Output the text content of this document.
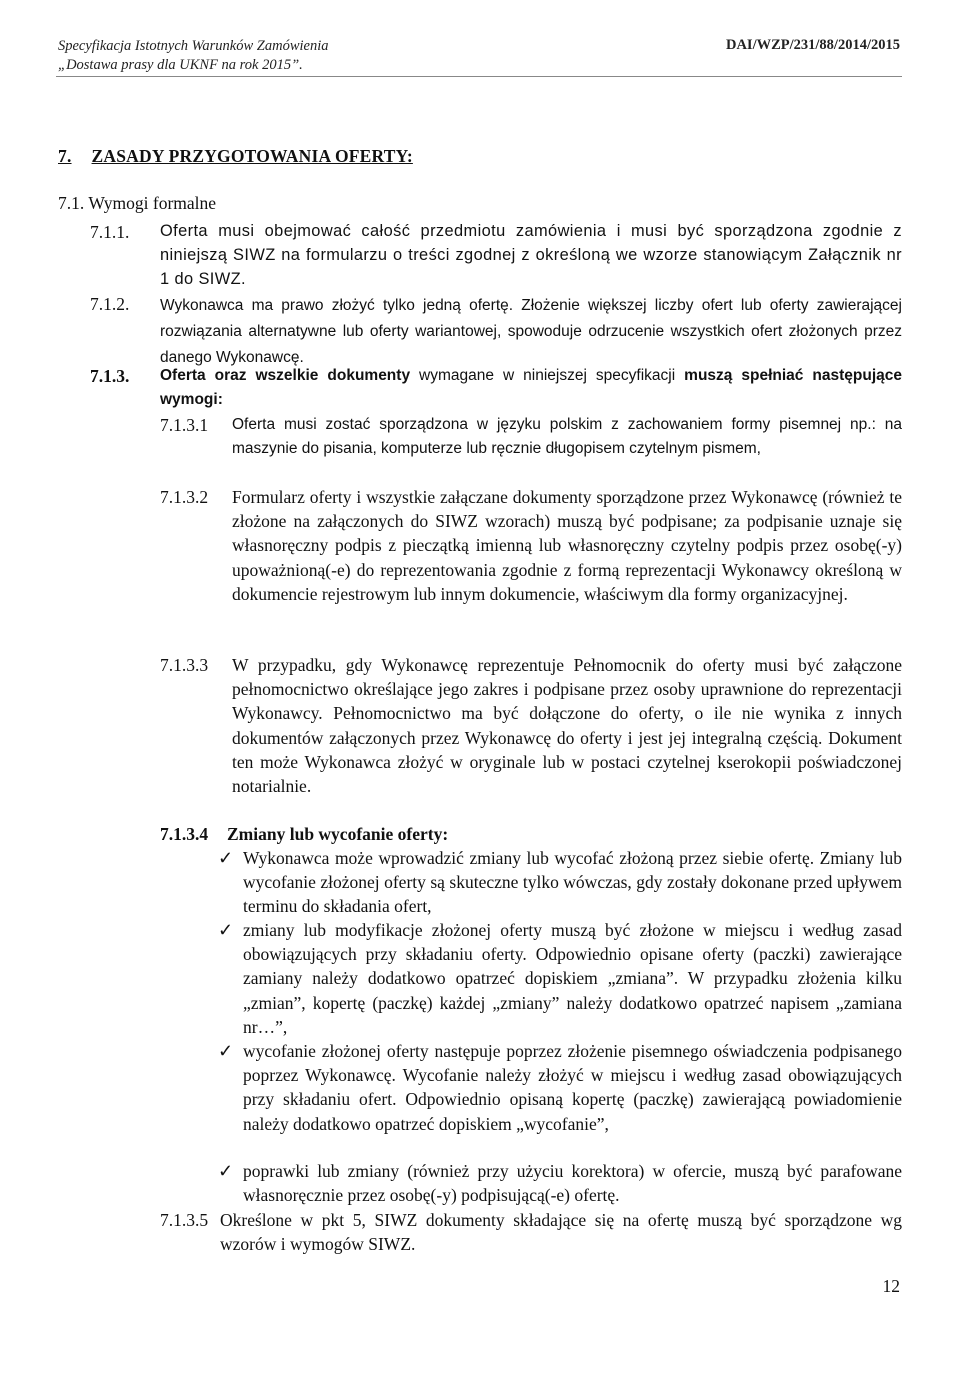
Specyfikacja Istotnych Warunków Zamówienia
„Dostawa prasy dla UKNF na rok 2015”.
DAI/WZP/231/88/2014/2015
7. ZASADY PRZYGOTOWANIA OFERTY:
7.1. Wymogi formalne
7.1.1. Oferta musi obejmować całość przedmiotu zamówienia i musi być sporządzona zgodnie z niniejszą SIWZ na formularzu o treści zgodnej z określoną we wzorze stanowiącym Załącznik nr 1 do SIWZ.
7.1.2. Wykonawca ma prawo złożyć tylko jedną ofertę. Złożenie większej liczby ofert lub oferty zawierającej rozwiązania alternatywne lub oferty wariantowej, spowoduje odrzucenie wszystkich ofert złożonych przez danego Wykonawcę.
7.1.3. Oferta oraz wszelkie dokumenty wymagane w niniejszej specyfikacji muszą spełniać następujące wymogi:
7.1.3.1 Oferta musi zostać sporządzona w języku polskim z zachowaniem formy pisemnej np.: na maszynie do pisania, komputerze lub ręcznie długopisem czytelnym pismem,
7.1.3.2 Formularz oferty i wszystkie załączane dokumenty sporządzone przez Wykonawcę (również te złożone na załączonych do SIWZ wzorach) muszą być podpisane; za podpisanie uznaje się własnoręczny podpis z pieczątką imienną lub własnoręczny czytelny podpis przez osobę(-y) upoważnioną(-e) do reprezentowania zgodnie z formą reprezentacji Wykonawcy określoną w dokumencie rejestrowym lub innym dokumencie, właściwym dla formy organizacyjnej.
7.1.3.3 W przypadku, gdy Wykonawcę reprezentuje Pełnomocnik do oferty musi być załączone pełnomocnictwo określające jego zakres i podpisane przez osoby uprawnione do reprezentacji Wykonawcy. Pełnomocnictwo ma być dołączone do oferty, o ile nie wynika z innych dokumentów załączonych przez Wykonawcę do oferty i jest jej integralną częścią. Dokument ten może Wykonawca złożyć w oryginale lub w postaci czytelnej kserokopii poświadczonej notarialnie.
7.1.3.4 Zmiany lub wycofanie oferty:
✓ Wykonawca może wprowadzić zmiany lub wycofać złożoną przez siebie ofertę. Zmiany lub wycofanie złożonej oferty są skuteczne tylko wówczas, gdy zostały dokonane przed upływem terminu do składania ofert,
✓ zmiany lub modyfikacje złożonej oferty muszą być złożone w miejscu i według zasad obowiązujących przy składaniu oferty. Odpowiednio opisane oferty (paczki) zawierające zamiany należy dodatkowo opatrzeć dopiskiem „zmiana”. W przypadku złożenia kilku „zmian”, kopertę (paczkę) każdej „zmiany” należy dodatkowo opatrzeć napisem „zamiana nr…”,
✓ wycofanie złożonej oferty następuje poprzez złożenie pisemnego oświadczenia podpisanego poprzez Wykonawcę. Wycofanie należy złożyć w miejscu i według zasad obowiązujących przy składaniu ofert. Odpowiednio opisaną kopertę (paczkę) zawierającą powiadomienie należy dodatkowo opatrzeć dopiskiem „wycofanie”,
✓ poprawki lub zmiany (również przy użyciu korektora) w ofercie, muszą być parafowane własnoręcznie przez osobę(-y) podpisującą(-e) ofertę.
7.1.3.5 Określone w pkt 5, SIWZ dokumenty składające się na ofertę muszą być sporządzone wg wzorów i wymogów SIWZ.
12
